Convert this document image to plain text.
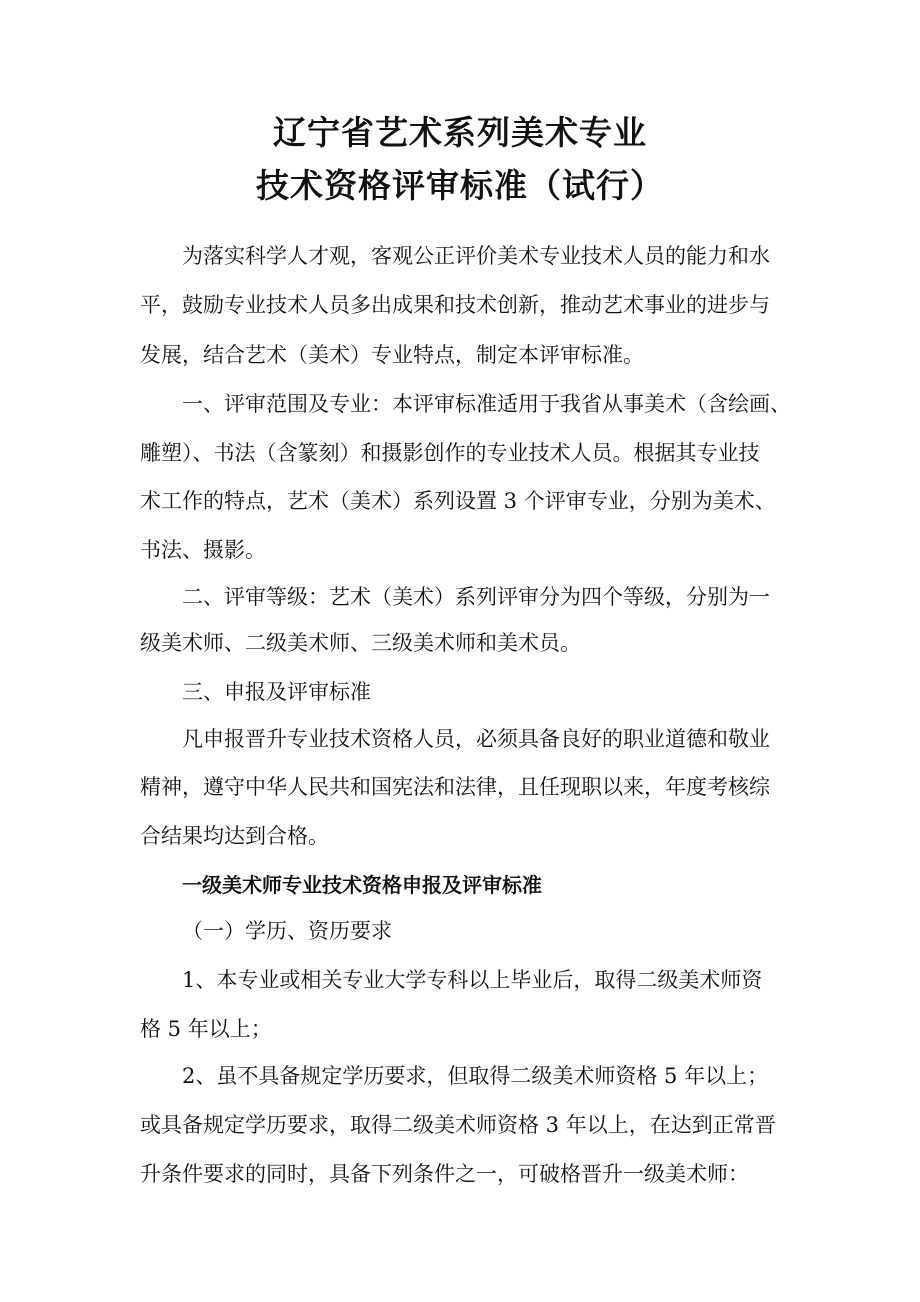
辽宁省艺术系列美术专业
技术资格评审标准（试行）
为落实科学人才观，客观公正评价美术专业技术人员的能力和水
平，鼓励专业技术人员多出成果和技术创新，推动艺术事业的进步与
发展，结合艺术（美术）专业特点，制定本评审标准。
一、评审范围及专业：本评审标准适用于我省从事美术（含绘画、
雕塑）、书法（含篆刻）和摄影创作的专业技术人员。根据其专业技
术工作的特点，艺术（美术）系列设置 3 个评审专业，分别为美术、
书法、摄影。
二、评审等级：艺术（美术）系列评审分为四个等级，分别为一
级美术师、二级美术师、三级美术师和美术员。
三、申报及评审标准
凡申报晋升专业技术资格人员，必须具备良好的职业道德和敬业
精神，遵守中华人民共和国宪法和法律，且任现职以来，年度考核综
合结果均达到合格。
一级美术师专业技术资格申报及评审标准
（一）学历、资历要求
1、本专业或相关专业大学专科以上毕业后，取得二级美术师资
格 5 年以上；
2、虽不具备规定学历要求，但取得二级美术师资格 5 年以上；
或具备规定学历要求，取得二级美术师资格 3 年以上，在达到正常晋
升条件要求的同时，具备下列条件之一，可破格晋升一级美术师：
